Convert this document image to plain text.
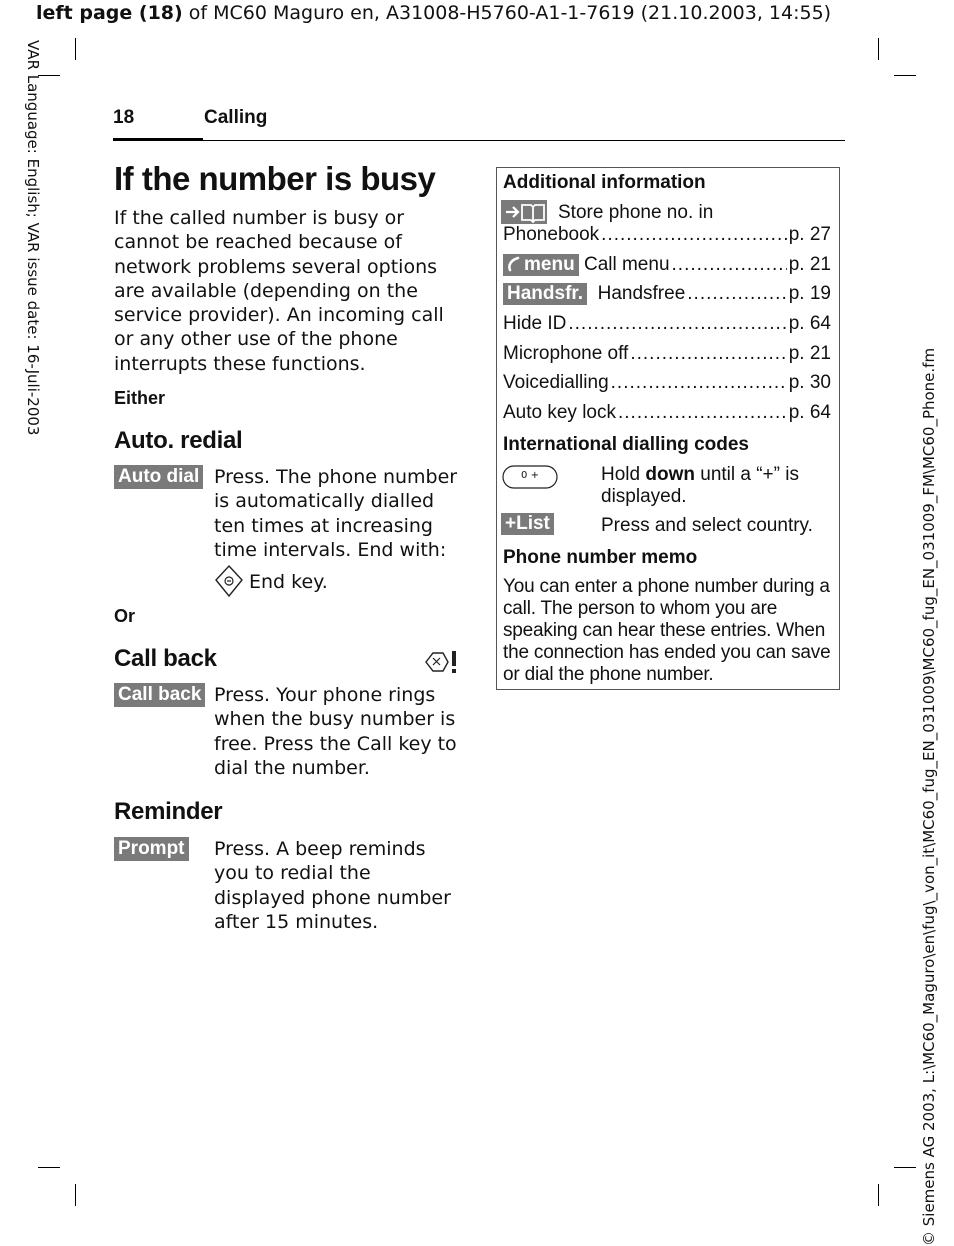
left page (18) of MC60 Maguro en, A31008-H5760-A1-1-7619 (21.10.2003, 14:55)
VAR Language: English; VAR issue date: 16-Juli-2003
© Siemens AG 2003, L:\MC60_Maguro\en\fug\_von_it\MC60_fug_EN_031009\MC60_fug_EN_031009_FM\MC60_Phone.fm
18	Calling
If the number is busy
If the called number is busy or cannot be reached because of network problems several options are available (depending on the service provider). An incoming call or any other use of the phone interrupts these functions.
Either
Auto. redial
Auto dial Press. The phone number is automatically dialled ten times at increasing time intervals. End with:
End key.
Or
Call back
Call back Press. Your phone rings when the busy number is free. Press the Call key to dial the number.
Reminder
Prompt Press. A beep reminds you to redial the displayed phone number after 15 minutes.
Additional information
Store phone no. in
Phonebook .....	p. 27
menu
Call menu .....	p. 21
Handsfr.
Handsfree .....	p. 19
Hide ID .....	p. 64
Microphone off .....	p. 21
Voicedialling .....	p. 30
Auto key lock .....	p. 64
International dialling codes
0 +	Hold down until a “+” is displayed.
+List	Press and select country.
Phone number memo
You can enter a phone number during a call. The person to whom you are speaking can hear these entries. When the connection has ended you can save or dial the phone number.
